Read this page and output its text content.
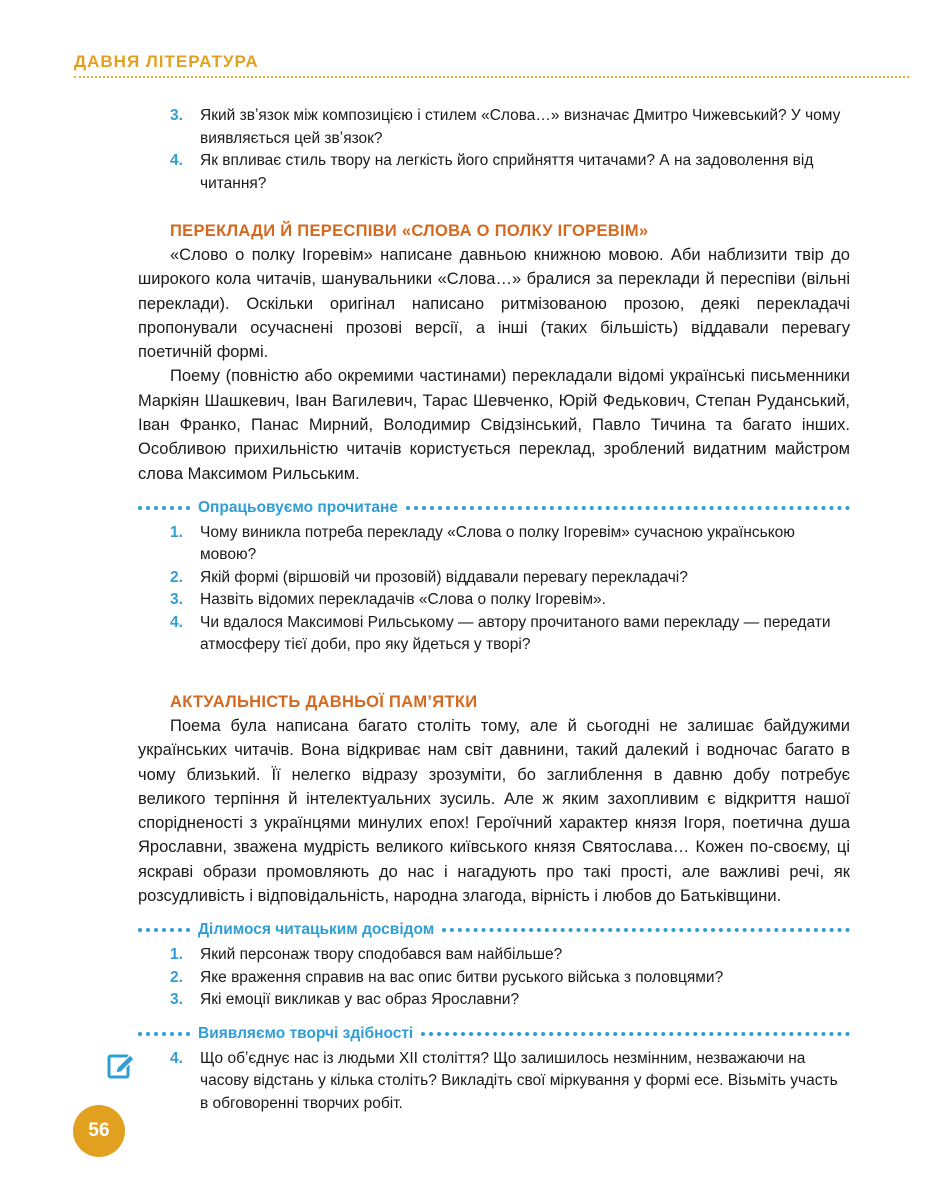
ДАВНЯ ЛІТЕРАТУРА
3. Який звʼязок між композицією і стилем «Слова…» визначає Дмитро Чижевський? У чому виявляється цей звʼязок?
4. Як впливає стиль твору на легкість його сприйняття читачами? А на задоволення від читання?
ПЕРЕКЛАДИ Й ПЕРЕСПІВИ «СЛОВА О ПОЛКУ ІГОРЕВІМ»

«Слово о полку Ігоревім» написане давньою книжною мовою. Аби наблизити твір до широкого кола читачів, шанувальники «Слова…» бралися за переклади й переспіви (вільні переклади). Оскільки оригінал написано ритмізованою прозою, деякі перекладачі пропонували осучаснені прозові версії, а інші (таких більшість) віддавали перевагу поетичній формі.

Поему (повністю або окремими частинами) перекладали відомі українські письменники Маркіян Шашкевич, Іван Вагилевич, Тарас Шевченко, Юрій Федькович, Степан Руданський, Іван Франко, Панас Мирний, Володимир Свідзінський, Павло Тичина та багато інших. Особливою прихильністю читачів користується переклад, зроблений видатним майстром слова Максимом Рильським.

Опрацьовуємо прочитане
1. Чому виникла потреба перекладу «Слова о полку Ігоревім» сучасною українською мовою?
2. Якій формі (віршовій чи прозовій) віддавали перевагу перекладачі?
3. Назвіть відомих перекладачів «Слова о полку Ігоревім».
4. Чи вдалося Максимові Рильському — автору прочитаного вами перекладу — передати атмосферу тієї доби, про яку йдеться у творі?
АКТУАЛЬНІСТЬ ДАВНЬОЇ ПАМʼЯТКИ

Поема була написана багато століть тому, але й сьогодні не залишає байдужими українських читачів. Вона відкриває нам світ давнини, такий далекий і водночас багато в чому близький. Її нелегко відразу зрозуміти, бо заглиблення в давню добу потребує великого терпіння й інтелектуальних зусиль. Але ж яким захопливим є відкриття нашої спорідненості з українцями минулих епох! Героїчний характер князя Ігоря, поетична душа Ярославни, зважена мудрість великого київського князя Святослава… Кожен по-своєму, ці яскраві образи промовляють до нас і нагадують про такі прості, але важливі речі, як розсудливість і відповідальність, народна злагода, вірність і любов до Батьківщини.

Ділимося читацьким досвідом
1. Який персонаж твору сподобався вам найбільше?
2. Яке враження справив на вас опис битви руського війська з половцями?
3. Які емоції викликав у вас образ Ярославни?
Виявляємо творчі здібності
4. Що обʼєднує нас із людьми XII століття? Що залишилось незмінним, незважаючи на часову відстань у кілька століть? Викладіть свої міркування у формі есе. Візьміть участь в обговоренні творчих робіт.
56
